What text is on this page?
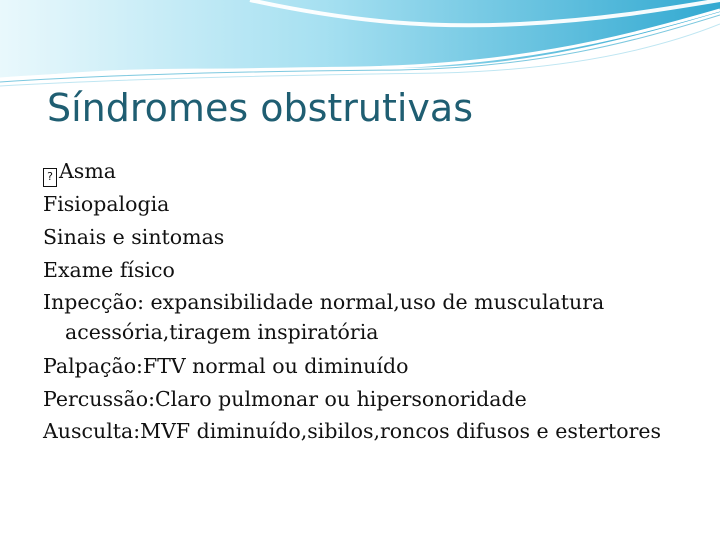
Síndromes obstrutivas
? Asma
Fisiopalogia
Sinais e sintomas
Exame físico
Inpecção: expansibilidade normal,uso de musculatura acessória,tiragem inspiratória
Palpação:FTV normal ou diminuído
Percussão:Claro pulmonar ou hipersonoridade
Ausculta:MVF diminuído,sibilos,roncos difusos e estertores
